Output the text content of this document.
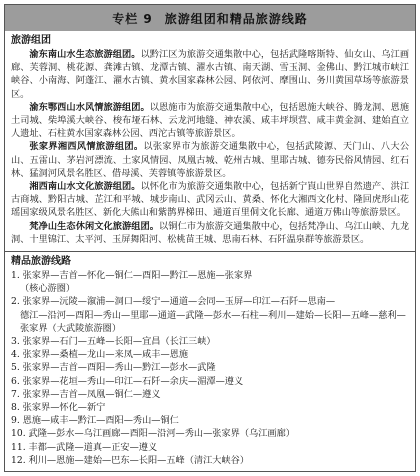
专栏 9 旅游组团和精品旅游线路
旅游组团

渝东南山水生态旅游组团。以黔江区为旅游交通集散中心，包括武隆喀斯特、仙女山、乌江画廊、芙蓉洞、桃花源、龚滩古镇、龙潭古镇、濯水古镇、南天湖、雪玉洞、金佛山、黔江城市峡江峡谷、小南海、阿蓬江、濯水古镇、黄水国家森林公园、阿依河、摩围山、务川黄国草场等旅游景区。

渝东鄂西山水风情旅游组团。以恩施市为旅游交通集散中心，包括恩施大峡谷、腾龙洞、恩施土司城、柴埠溪大峡谷、梭布垭石林、云龙河地缝、神农溪、咸丰坪坝营、咸丰黄金洞、建始直立人遗址、石柱黄水国家森林公园、西沱古镇等旅游景区。

张家界湘西风情旅游组团。以张家界市为旅游交通集散中心，包括武陵源、天门山、八大公山、五雷山、茅岩河漂流、土家风情园、凤凰古城、乾州古城、里耶古城、德夯民俗风情园、红石林、猛洞河风景名胜区、借母溪、芙蓉镇等旅游景区。

湘西南山水文化旅游组团。以怀化市为旅游交通集散中心，包括新宁崀山世界自然遗产、洪江古商城、黔阳古城、芷江和平城、城步南山、武冈云山、黄桑、怀化大湘西文化村、隆回虎形山花瑶国家级风景名胜区、新化大熊山和紫鹊界梯田、通道百里侗文化长廊、通道万佛山等旅游景区。

梵净山生态休闲文化旅游组团。以铜仁市为旅游交通集散中心，包括梵净山、乌江山峡、九龙洞、十里锦江、太平河、玉屏舞阳河、松桃苗王城、思南石林、石阡温泉群等旅游景区。

精品旅游线路

1. 张家界—吉首—怀化—铜仁—酉阳—黔江—恩施—张家界

（核心游圈）

2. 张家界—沅陵—溆浦—洞口—绥宁—通道—会同—玉屏—印江—石阡—思南—

德江—沿河—酉阳—秀山—里耶—通道—武隆—彭水—石柱—利川—建始—长阳—五峰—慈利—张家界（大武陵旅游圈）

3. 张家界—石门—五峰—长阳—宜昌（长江三峡）

4. 张家界—桑植—龙山—来凤—咸丰—恩施

5. 张家界—吉首—酉阳—秀山—黔江—彭水—武隆

6. 张家界—花垣—秀山—印江—石阡—余庆—湄潭—遵义

7. 张家界—吉首—凤凰—铜仁—遵义

8. 张家界—怀化—新宁

9. 恩施—咸丰—黔江—酉阳—秀山—铜仁

10. 武隆—彭水—乌江画廊—酉阳—沿河—秀山—张家界（乌江画廊）

11. 丰都—武隆—道真—正安—遵义

12. 利川—恩施—建始—巴东—长阳—五峰（清江大峡谷）
